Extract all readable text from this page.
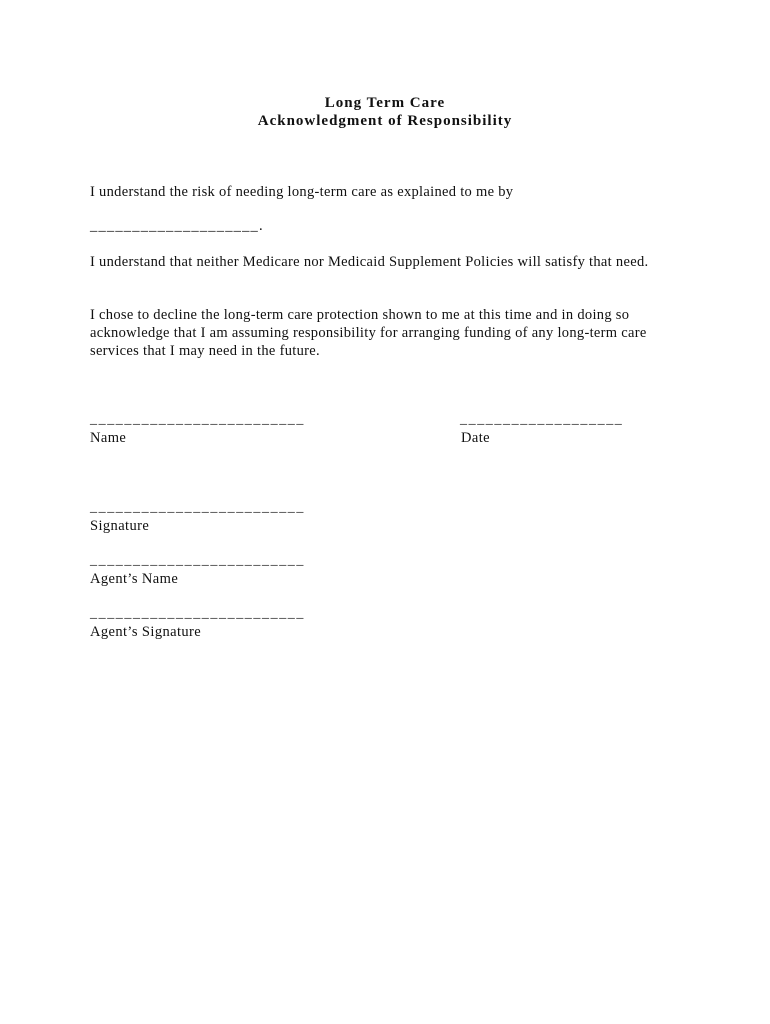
Long Term Care
Acknowledgment of Responsibility
I understand the risk of needing long-term care as explained to me by
____________________.
I understand that neither Medicare nor Medicaid Supplement Policies will satisfy that need.
I chose to decline the long-term care protection shown to me at this time and in doing so acknowledge that I am assuming responsibility for arranging funding of any long-term care services that I may need in the future.
_________________________
Name
___________________
Date
_________________________
Signature
_________________________
Agent’s Name
_________________________
Agent’s Signature
